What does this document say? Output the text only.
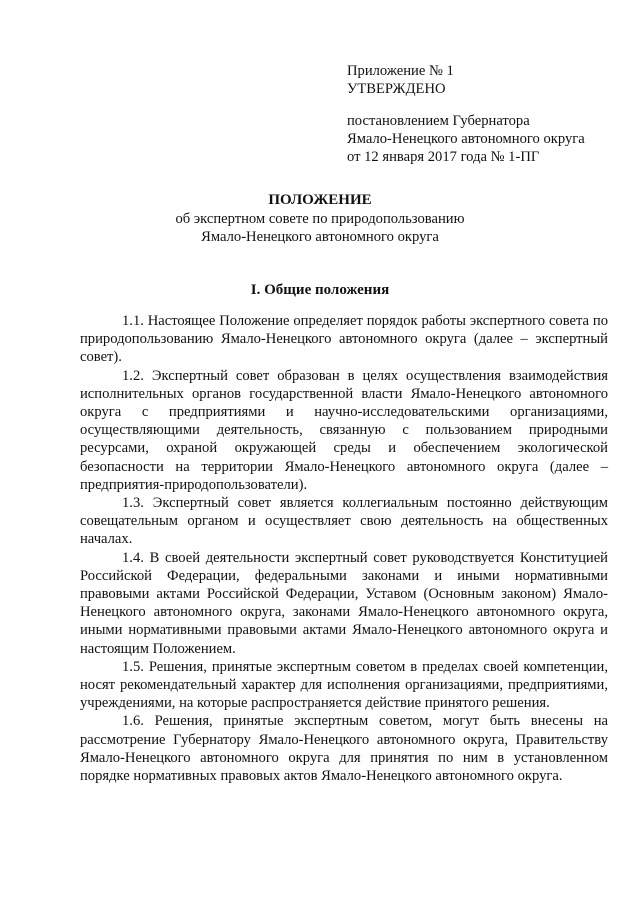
Приложение № 1
УТВЕРЖДЕНО
постановлением Губернатора
Ямало-Ненецкого автономного округа
от 12 января 2017 года № 1-ПГ
ПОЛОЖЕНИЕ
об экспертном совете по природопользованию
Ямало-Ненецкого автономного округа
I. Общие положения

1.1. Настоящее Положение определяет порядок работы экспертного совета по природопользованию Ямало-Ненецкого автономного округа (далее – экспертный совет).

1.2. Экспертный совет образован в целях осуществления взаимодействия исполнительных органов государственной власти Ямало-Ненецкого автономного округа с предприятиями и научно-исследовательскими организациями, осуществляющими деятельность, связанную с пользованием природными ресурсами, охраной окружающей среды и обеспечением экологической безопасности на территории Ямало-Ненецкого автономного округа (далее – предприятия-природопользователи).

1.3. Экспертный совет является коллегиальным постоянно действующим совещательным органом и осуществляет свою деятельность на общественных началах.

1.4. В своей деятельности экспертный совет руководствуется Конституцией Российской Федерации, федеральными законами и иными нормативными правовыми актами Российской Федерации, Уставом (Основным законом) Ямало-Ненецкого автономного округа, законами Ямало-Ненецкого автономного округа, иными нормативными правовыми актами Ямало-Ненецкого автономного округа и настоящим Положением.

1.5. Решения, принятые экспертным советом в пределах своей компетенции, носят рекомендательный характер для исполнения организациями, предприятиями, учреждениями, на которые распространяется действие принятого решения.

1.6. Решения, принятые экспертным советом, могут быть внесены на рассмотрение Губернатору Ямало-Ненецкого автономного округа, Правительству Ямало-Ненецкого автономного округа для принятия по ним в установленном порядке нормативных правовых актов Ямало-Ненецкого автономного округа.
